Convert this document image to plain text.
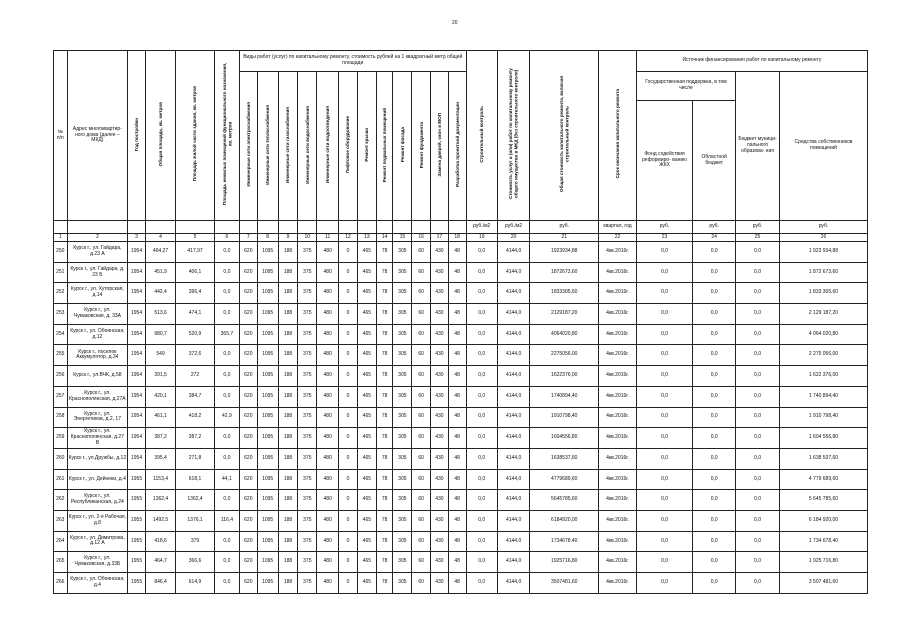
20
№ п/п	Адрес многоквартир- ного дома (далее – МКД)	Год постройки	Общая площадь, кв. метров	Площадь жилой части здания, кв. метров	Площадь нежилых помещений функционального назначения, кв. метров	Виды работ (услуг) по капитальному ремонту, стоимость рублей на 1 квадратный метр общей площади												Строительный контроль	Стоимость услуг и (или) работ по капитальному ремонту общего имущества в МКД (без строительного контроля)	Общая стоимость капитального ремонта, включая строительный контроль	Срок окончания капитального ремонта	Источник финансирования работ по капитальному ремонту			
						Инженерные сети электроснабжения	Инженерные сети теплоснабжения	Инженерные сети газоснабжения	Инженерные сети водоснабжения	Инженерные сети водоотведения	Лифтовое оборудование	Ремонт крыши	Ремонт подвальных помещений	Ремонт фасада	Ремонт фундамента	Замена дверей, окон в МОП	Разработка проектной документации					Государственная поддержка, в том числе		Бюджет муници- пального образова- ния	Средства собственников помещений
																						Фонд содействия реформиро- ванию ЖКХ	Областной бюджет		
																		руб./м2	руб./м2	руб.	квартал, год	руб.	руб.	руб.	руб.
1	2	3	4	5	6	7	8	9	10	11	12	13	14	15	16	17	18	19	20	21	22	23	24	25	26
250	Курск г., ул. Гайдара, д.23 А	1954	464,27	417,97	0,0	620	1095	188	375	480	0	465	78	305	60	430	48	0,0	4144,0	1923934,88	4кв.2016г.	0,0	0,0	0,0	1 923 934,88
251	Курск г., ул. Гайдара, д. 23 Б	1954	451,9	406,1	0,0	620	1095	188	375	480	0	465	78	305	60	430	48	0,0	4144,0	1872673,60	4кв.2016г.	0,0	0,0	0,0	1 872 673,60
252	Курск г., ул. Хуторская, д.14	1954	442,4	396,4	0,0	620	1095	188	375	480	0	465	78	305	60	430	48	0,0	4144,0	1833305,60	4кв.2016г.	0,0	0,0	0,0	1 833 305,60
253	Курск г., ул. Чумаковская, д. 33А	1954	513,6	474,1	0,0	620	1095	188	375	480	0	465	78	305	60	430	48	0,0	4144,0	2129187,20	4кв.2016г.	0,0	0,0	0,0	2 129 187,20
254	Курск г., ул. Обоянская, д.12	1954	980,7	520,9	365,7	620	1095	188	375	480	0	465	78	305	60	430	48	0,0	4144,0	4064020,80	4кв.2016г.	0,0	0,0	0,0	4 064 020,80
255	Курск г., поселок Аккумулятор, д.34	1954	549	372,6	0,0	620	1095	188	375	480	0	465	78	305	60	430	48	0,0	4144,0	2275056,00	4кв.2016г.	0,0	0,0	0,0	2 275 056,00
256	Курск г., ул.ВЧК, д.58	1954	391,5	272	0,0	620	1095	188	375	480	0	465	78	305	60	430	48	0,0	4144,0	1622376,00	4кв.2016г.	0,0	0,0	0,0	1 622 376,00
257	Курск г., ул. Краснополянская, д.27А	1954	420,1	384,7	0,0	620	1095	188	375	480	0	465	78	305	60	430	48	0,0	4144,0	1740894,40	4кв.2016г.	0,0	0,0	0,0	1 740 894,40
258	Курск г., ул. Энергетиков, д.2, 17	1954	461,1	418,2	42,9	620	1095	188	375	480	0	465	78	305	60	430	48	0,0	4144,0	1910798,40	4кв.2016г.	0,0	0,0	0,0	1 910 798,40
259	Курск г., ул. Краснополянская, д.27 В	1954	387,2	387,2	0,0	620	1095	188	375	480	0	465	78	305	60	430	48	0,0	4144,0	1604556,80	4кв.2016г.	0,0	0,0	0,0	1 604 556,80
260	Курск г., ул.Дружбы, д.12	1954	395,4	271,8	0,0	620	1095	188	375	480	0	465	78	305	60	430	48	0,0	4144,0	1638537,60	4кв.2016г.	0,0	0,0	0,0	1 638 537,60
261	Курск г., ул. Дейнеки, д.4	1955	1153,4	618,1	44,1	620	1095	188	375	480	0	465	78	305	60	430	48	0,0	4144,0	4779689,60	4кв.2016г.	0,0	0,0	0,0	4 779 689,60
262	Курск г., ул. Республиканская, д.24	1955	1362,4	1362,4	0,0	620	1095	188	375	480	0	465	78	305	60	430	48	0,0	4144,0	5645785,60	4кв.2016г.	0,0	0,0	0,0	5 645 785,60
263	Курск г., ул. 2-я Рабочая, д.8	1955	1492,5	1376,1	116,4	620	1095	188	375	480	0	465	78	305	60	430	48	0,0	4144,0	6184920,00	4кв.2016г.	0,0	0,0	0,0	6 184 920,00
264	Курск г., ул. Димитрова, д.12 А	1955	418,6	379	0,0	620	1095	188	375	480	0	465	78	305	60	430	48	0,0	4144,0	1734678,40	4кв.2016г.	0,0	0,0	0,0	1 734 678,40
265	Курск г., ул. Чумаковская, д.33Б	1955	464,7	366,6	0,0	620	1095	188	375	480	0	465	78	305	60	430	48	0,0	4144,0	1925716,80	4кв.2016г.	0,0	0,0	0,0	1 925 716,80
266	Курск г., ул. Обоянская, д.4	1955	846,4	614,9	0,0	620	1095	188	375	480	0	465	78	305	60	430	48	0,0	4144,0	3507481,60	4кв.2016г.	0,0	0,0	0,0	3 507 481,60
